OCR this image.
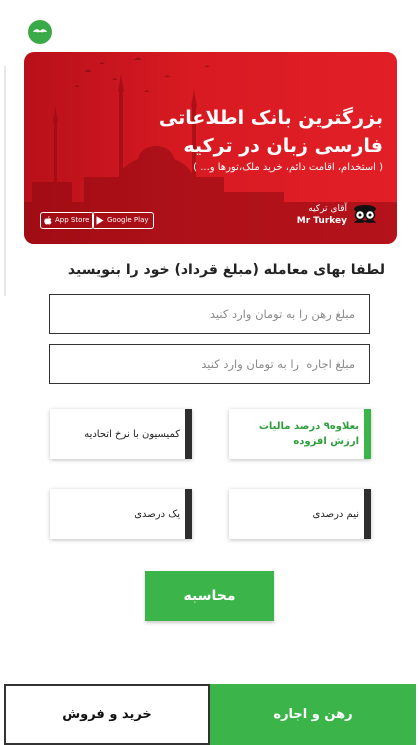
بزرگترین بانک اطلاعاتی
فارسی زبان در ترکیه
( استخدام، اقامت دائم، خرید ملک،تورها و... )
App Store	Google Play
آقای ترکیه
Mr Turkey
لطفا بهای معامله (مبلغ قرداد) خود را بنویسید
مبلغ رهن را به تومان وارد کنید
مبلغ اجاره را به تومان وارد کنید
بعلاوه۹ درصد مالیات ارزش افزوده
کمیسیون با نرخ اتحادیه
نیم درصدی
یک درصدی
محاسبه
خرید و فروش	رهن و اجاره
